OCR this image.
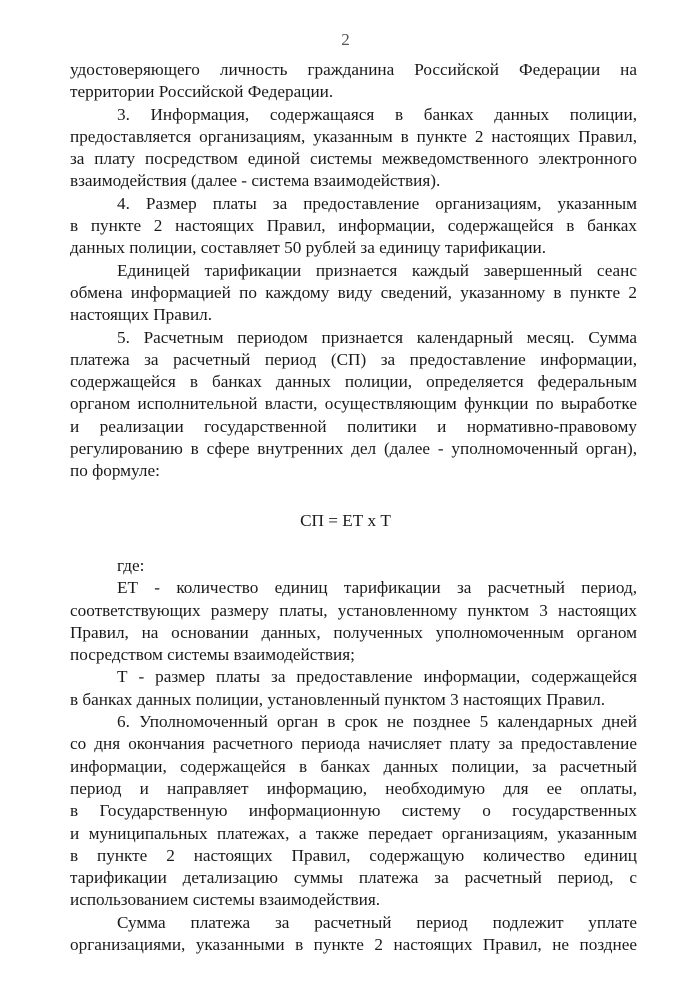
2
удостоверяющего личность гражданина Российской Федерации на
территории Российской Федерации.
3. Информация, содержащаяся в банках данных полиции,
предоставляется организациям, указанным в пункте 2 настоящих Правил,
за плату посредством единой системы межведомственного электронного
взаимодействия (далее - система взаимодействия).
4. Размер платы за предоставление организациям, указанным
в пункте 2 настоящих Правил, информации, содержащейся в банках
данных полиции, составляет 50 рублей за единицу тарификации.
Единицей тарификации признается каждый завершенный сеанс
обмена информацией по каждому виду сведений, указанному в пункте 2
настоящих Правил.
5. Расчетным периодом признается календарный месяц. Сумма
платежа за расчетный период (СП) за предоставление информации,
содержащейся в банках данных полиции, определяется федеральным
органом исполнительной власти, осуществляющим функции по выработке
и реализации государственной политики и нормативно-правовому
регулированию в сфере внутренних дел (далее - уполномоченный орган),
по формуле:
СП = ЕТ х Т
где:
ЕТ - количество единиц тарификации за расчетный период,
соответствующих размеру платы, установленному пунктом 3 настоящих
Правил, на основании данных, полученных уполномоченным органом
посредством системы взаимодействия;
Т - размер платы за предоставление информации, содержащейся
в банках данных полиции, установленный пунктом 3 настоящих Правил.
6. Уполномоченный орган в срок не позднее 5 календарных дней
со дня окончания расчетного периода начисляет плату за предоставление
информации, содержащейся в банках данных полиции, за расчетный
период и направляет информацию, необходимую для ее оплаты,
в Государственную информационную систему о государственных
и муниципальных платежах, а также передает организациям, указанным
в пункте 2 настоящих Правил, содержащую количество единиц
тарификации детализацию суммы платежа за расчетный период, с
использованием системы взаимодействия.
Сумма платежа за расчетный период подлежит уплате
организациями, указанными в пункте 2 настоящих Правил, не позднее
